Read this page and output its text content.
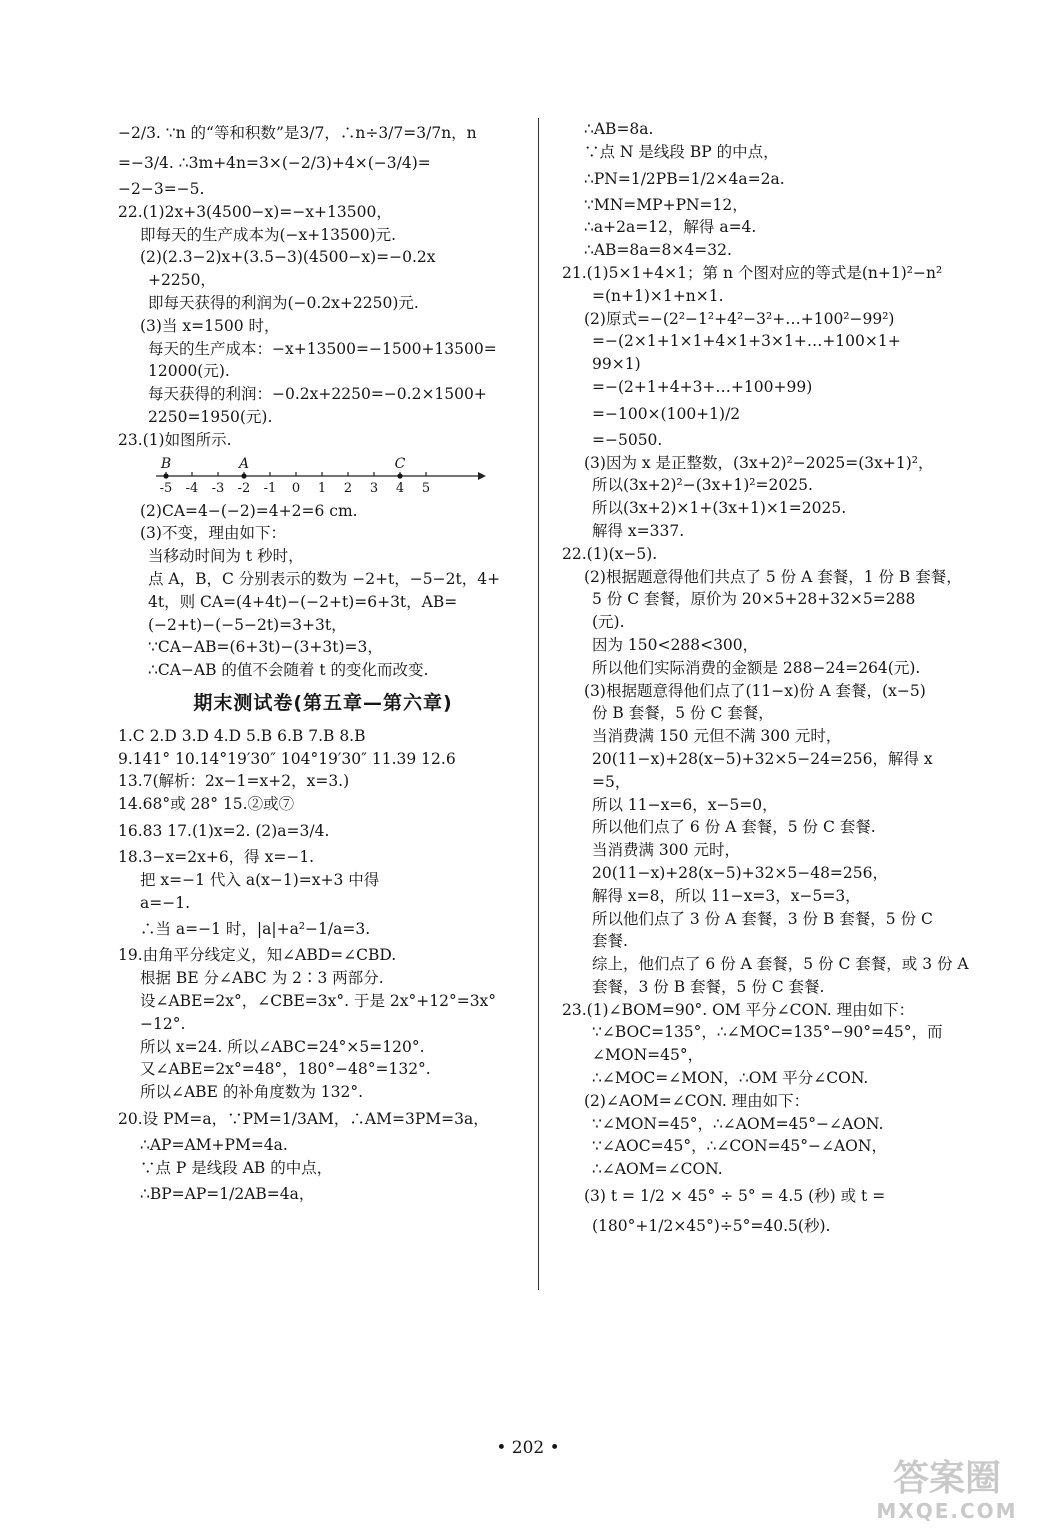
−2/3. ∵n 的“等和积数”是3/7，∴n÷3/7=3/7n，n
=−3/4. ∴3m+4n=3×(−2/3)+4×(−3/4)=
−2−3=−5.
22.(1)2x+3(4500−x)=−x+13500，
即每天的生产成本为(−x+13500)元.
(2)(2.3−2)x+(3.5−3)(4500−x)=−0.2x
+2250，
即每天获得的利润为(−0.2x+2250)元.
(3)当 x=1500 时，
每天的生产成本：−x+13500=−1500+13500=
12000(元).
每天获得的利润：−0.2x+2250=−0.2×1500+
2250=1950(元).
23.(1)如图所示.
-5 -4 -3 -2 -1 0 1 2 3 4 5
B	A	C
(2)CA=4−(−2)=4+2=6 cm.
(3)不变，理由如下：
当移动时间为 t 秒时，
点 A，B，C 分别表示的数为 −2+t，−5−2t，4+
4t，则 CA=(4+4t)−(−2+t)=6+3t，AB=
(−2+t)−(−5−2t)=3+3t，
∵CA−AB=(6+3t)−(3+3t)=3，
∴CA−AB 的值不会随着 t 的变化而改变.
期末测试卷(第五章—第六章)
1.C 2.D 3.D 4.D 5.B 6.B 7.B 8.B
9.141° 10.14°19′30″ 104°19′30″ 11.39 12.6
13.7(解析：2x−1=x+2，x=3.)
14.68°或 28° 15.②或⑦
16.83 17.(1)x=2. (2)a=3/4.
18.3−x=2x+6，得 x=−1.
把 x=−1 代入 a(x−1)=x+3 中得
a=−1.
∴当 a=−1 时，|a|+a²−1/a=3.
19.由角平分线定义，知∠ABD=∠CBD.
根据 BE 分∠ABC 为 2∶3 两部分.
设∠ABE=2x°，∠CBE=3x°. 于是 2x°+12°=3x°
−12°.
所以 x=24. 所以∠ABC=24°×5=120°.
又∠ABE=2x°=48°，180°−48°=132°.
所以∠ABE 的补角度数为 132°.
20.设 PM=a，∵PM=1/3AM，∴AM=3PM=3a，
∴AP=AM+PM=4a.
∵点 P 是线段 AB 的中点，
∴BP=AP=1/2AB=4a，
∴AB=8a.
∵点 N 是线段 BP 的中点，
∴PN=1/2PB=1/2×4a=2a.
∵MN=MP+PN=12，
∴a+2a=12，解得 a=4.
∴AB=8a=8×4=32.
21.(1)5×1+4×1；第 n 个图对应的等式是(n+1)²−n²
=(n+1)×1+n×1.
(2)原式=−(2²−1²+4²−3²+…+100²−99²)
=−(2×1+1×1+4×1+3×1+…+100×1+
99×1)
=−(2+1+4+3+…+100+99)
=−100×(100+1)/2
=−5050.
(3)因为 x 是正整数，(3x+2)²−2025=(3x+1)²，
所以(3x+2)²−(3x+1)²=2025.
所以(3x+2)×1+(3x+1)×1=2025.
解得 x=337.
22.(1)(x−5).
(2)根据题意得他们共点了 5 份 A 套餐，1 份 B 套餐，
5 份 C 套餐，原价为 20×5+28+32×5=288
(元).
因为 150<288<300，
所以他们实际消费的金额是 288−24=264(元).
(3)根据题意得他们点了(11−x)份 A 套餐，(x−5)
份 B 套餐，5 份 C 套餐，
当消费满 150 元但不满 300 元时，
20(11−x)+28(x−5)+32×5−24=256，解得 x
=5，
所以 11−x=6，x−5=0，
所以他们点了 6 份 A 套餐，5 份 C 套餐.
当消费满 300 元时，
20(11−x)+28(x−5)+32×5−48=256，
解得 x=8，所以 11−x=3，x−5=3，
所以他们点了 3 份 A 套餐，3 份 B 套餐，5 份 C
套餐.
综上，他们点了 6 份 A 套餐，5 份 C 套餐，或 3 份 A
套餐，3 份 B 套餐，5 份 C 套餐.
23.(1)∠BOM=90°. OM 平分∠CON. 理由如下：
∵∠BOC=135°，∴∠MOC=135°−90°=45°，而
∠MON=45°，
∴∠MOC=∠MON，∴OM 平分∠CON.
(2)∠AOM=∠CON. 理由如下：
∵∠MON=45°，∴∠AOM=45°−∠AON.
∵∠AOC=45°，∴∠CON=45°−∠AON，
∴∠AOM=∠CON.
(3) t = 1/2 × 45° ÷ 5° = 4.5 (秒) 或 t =
(180°+1/2×45°)÷5°=40.5(秒).
• 202 •
答案圈
MXQE.COM
